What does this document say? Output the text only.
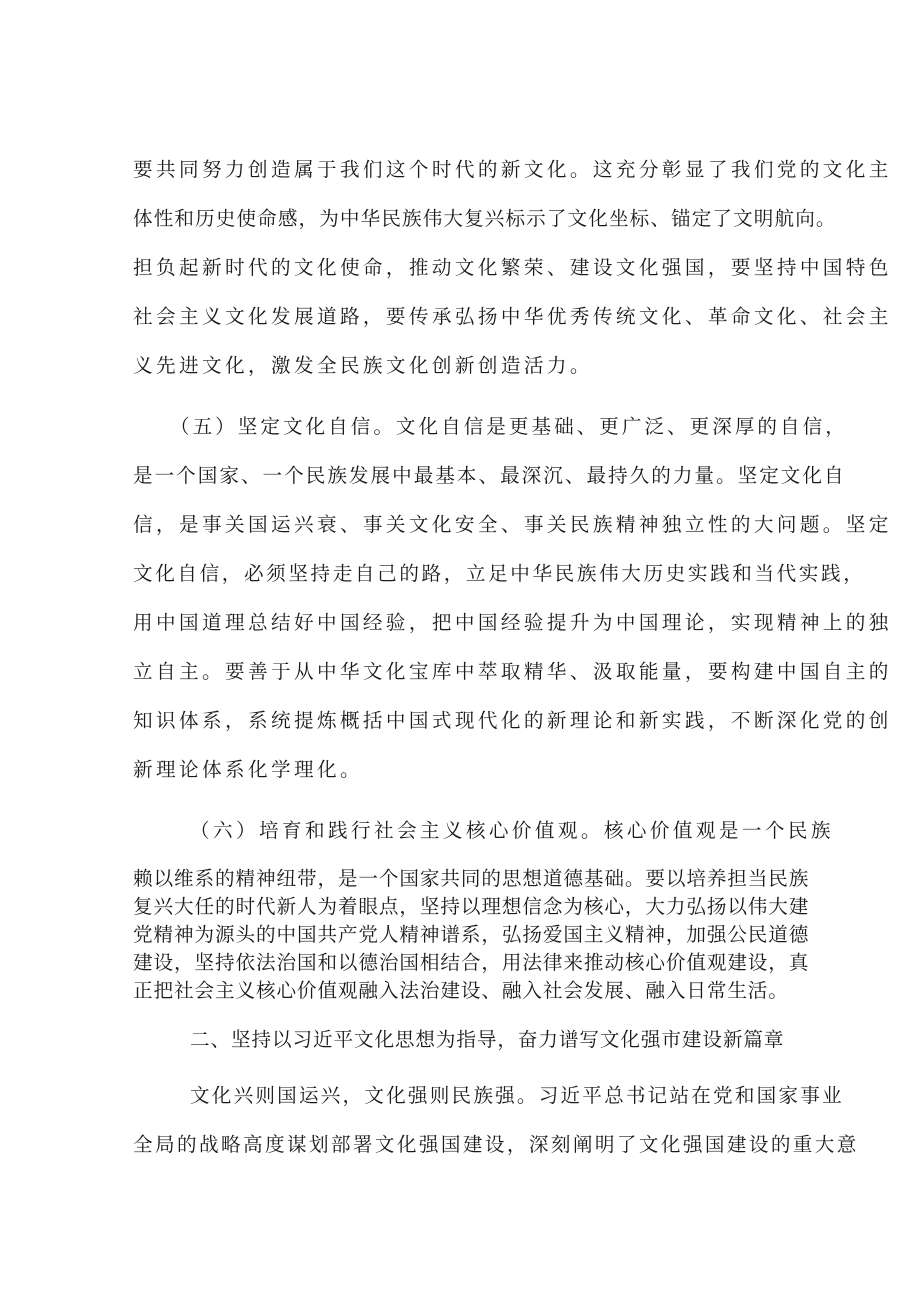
要共同努力创造属于我们这个时代的新文化。这充分彰显了我们党的文化主
体性和历史使命感，为中华民族伟大复兴标示了文化坐标、锚定了文明航向。
担负起新时代的文化使命，推动文化繁荣、建设文化强国，要坚持中国特色
社会主义文化发展道路，要传承弘扬中华优秀传统文化、革命文化、社会主
义先进文化，激发全民族文化创新创造活力。
（五）坚定文化自信。文化自信是更基础、更广泛、更深厚的自信，
是一个国家、一个民族发展中最基本、最深沉、最持久的力量。坚定文化自
信，是事关国运兴衰、事关文化安全、事关民族精神独立性的大问题。坚定
文化自信，必须坚持走自己的路，立足中华民族伟大历史实践和当代实践，
用中国道理总结好中国经验，把中国经验提升为中国理论，实现精神上的独
立自主。要善于从中华文化宝库中萃取精华、汲取能量，要构建中国自主的
知识体系，系统提炼概括中国式现代化的新理论和新实践，不断深化党的创
新理论体系化学理化。
（六）培育和践行社会主义核心价值观。核心价值观是一个民族
赖以维系的精神纽带，是一个国家共同的思想道德基础。要以培养担当民族
复兴大任的时代新人为着眼点，坚持以理想信念为核心，大力弘扬以伟大建
党精神为源头的中国共产党人精神谱系，弘扬爱国主义精神，加强公民道德
建设，坚持依法治国和以德治国相结合，用法律来推动核心价值观建设，真
正把社会主义核心价值观融入法治建设、融入社会发展、融入日常生活。
二、坚持以习近平文化思想为指导，奋力谱写文化强市建设新篇章
文化兴则国运兴，文化强则民族强。习近平总书记站在党和国家事业
全局的战略高度谋划部署文化强国建设，深刻阐明了文化强国建设的重大意
